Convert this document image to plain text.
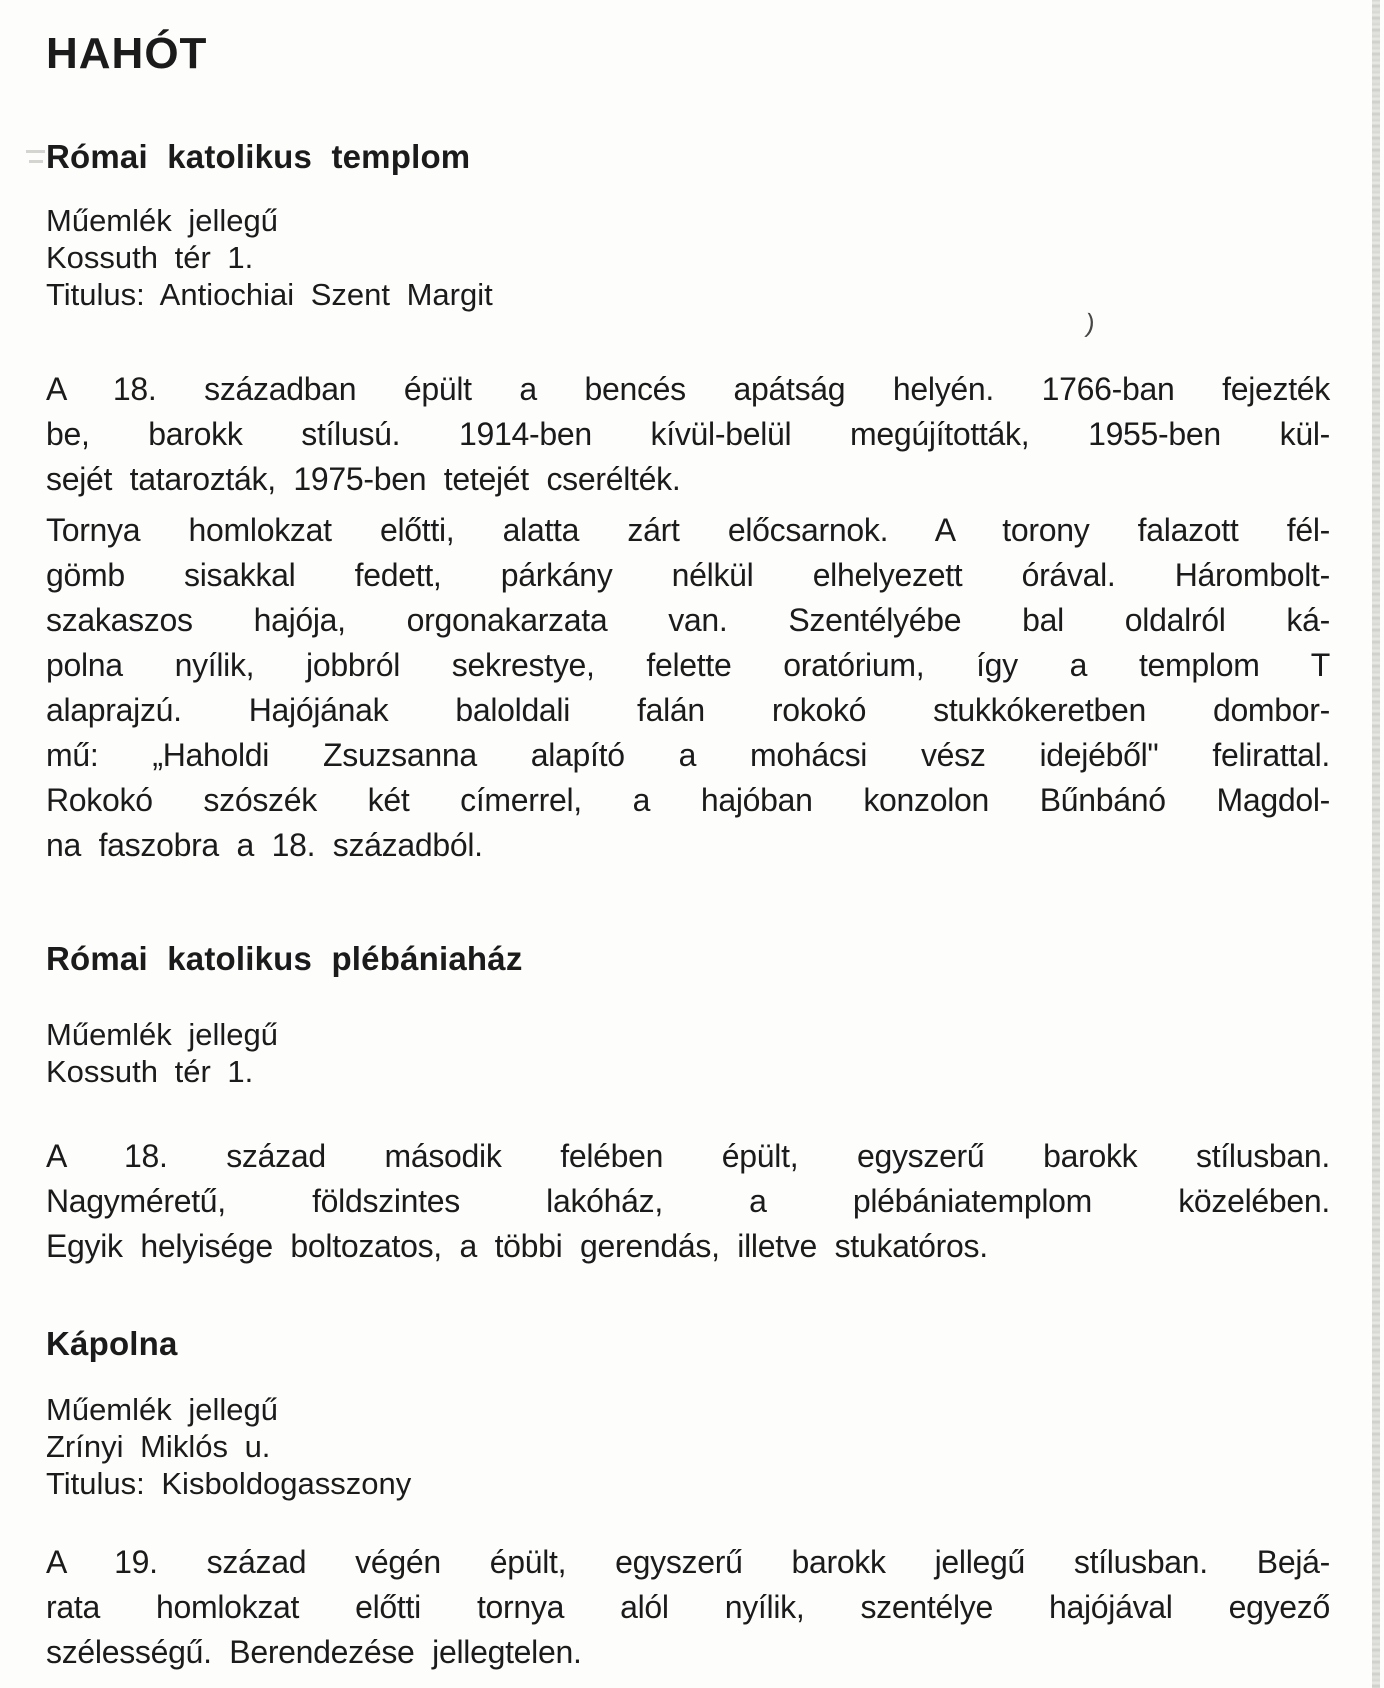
)
HAHÓT
Római katolikus templom
Műemlék jellegű
Kossuth tér 1.
Titulus: Antiochiai Szent Margit
A 18. században épült a bencés apátság helyén. 1766-ban fejezték
be, barokk stílusú. 1914-ben kívül-belül megújították, 1955-ben kül-
sejét tatarozták, 1975-ben tetejét cserélték.
Tornya homlokzat előtti, alatta zárt előcsarnok. A torony falazott fél-
gömb sisakkal fedett, párkány nélkül elhelyezett órával. Hárombolt-
szakaszos hajója, orgonakarzata van. Szentélyébe bal oldalról ká-
polna nyílik, jobbról sekrestye, felette oratórium, így a templom T
alaprajzú. Hajójának baloldali falán rokokó stukkókeretben dombor-
mű: „Haholdi Zsuzsanna alapító a mohácsi vész idejéből" felirattal.
Rokokó szószék két címerrel, a hajóban konzolon Bűnbánó Magdol-
na faszobra a 18. századból.
Római katolikus plébániaház
Műemlék jellegű
Kossuth tér 1.
A 18. század második felében épült, egyszerű barokk stílusban.
Nagyméretű, földszintes lakóház, a plébániatemplom közelében.
Egyik helyisége boltozatos, a többi gerendás, illetve stukatóros.
Kápolna
Műemlék jellegű
Zrínyi Miklós u.
Titulus: Kisboldogasszony
A 19. század végén épült, egyszerű barokk jellegű stílusban. Bejá-
rata homlokzat előtti tornya alól nyílik, szentélye hajójával egyező
szélességű. Berendezése jellegtelen.
